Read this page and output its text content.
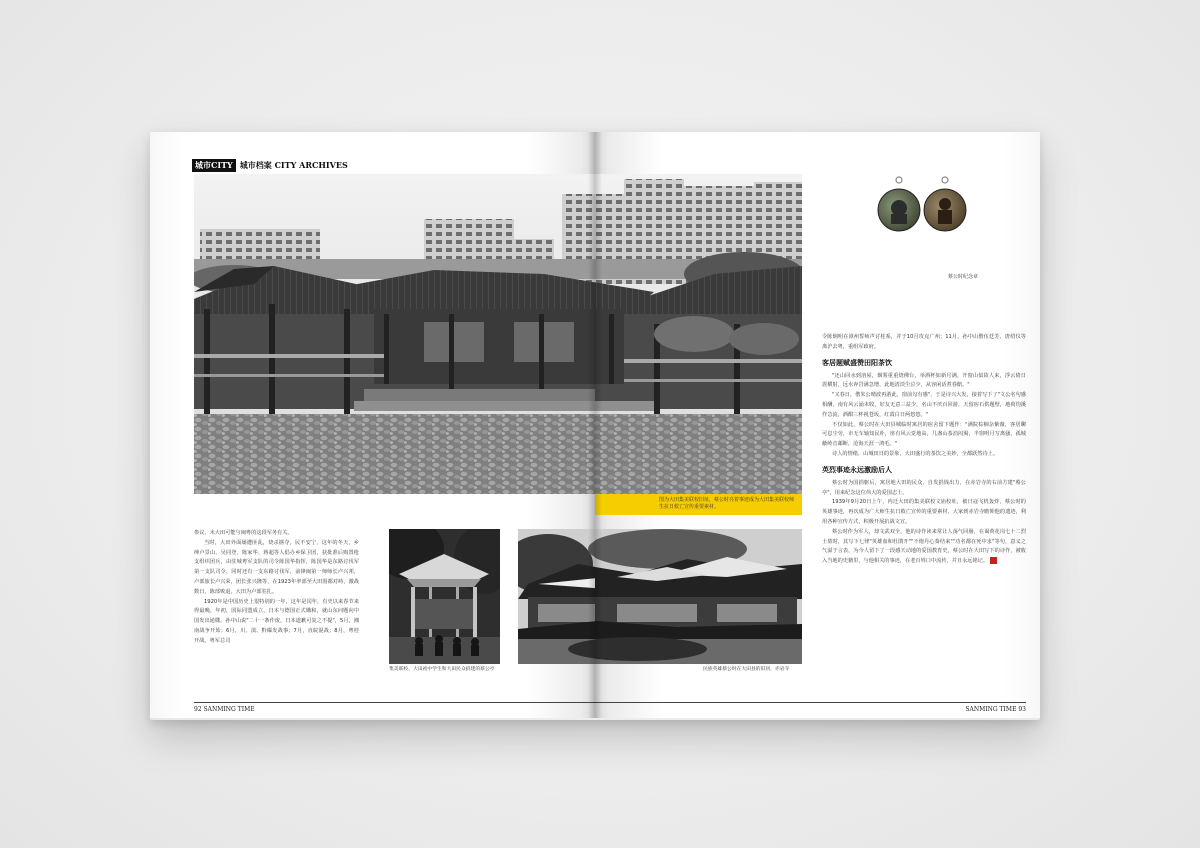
城市CITY 城市档案 CITY ARCHIVES

参议，未大田可能与闽粤的这段军务有关。

当时，大田外面屡遭匪乱，烧杀掳夺，民不安宁，这年的冬天，乡绅卢景山、吴同登、陈家华、蒋超等人倡办乡保卫团，获批准后购置枪支组织团兵，由驻城粤军支队的司令陈国华指挥，陈国华是东路讨伐军第一支队司令，同时还有一支东路讨伐军，前锋闽第一师师长卢兴邦，卢部旅长卢兴荣，团长张兴隆等，在1923年率部至大田围都对峙，激战数日，陈部败退，大田为卢部驻扎。

1920年是中国历史上很特别的一年，这年是闰年，有史以来春节来得最晚，年初，国际同盟成立，日本与德国正式媾和，就山东问题向中国发出通牒，孙中山说"二十一条作废，日本道歉可复之不提"，5月，湘南战争开始；6月，川、滇、黔爆发战事；7月，直皖混战；8月，粤桂开战，粤军总司

集美联校，大田初中学生和大田民众捐建的蔡公亭
92 SANMING TIME
图为大田集美联校旧址，蔡公时亮着事迹成为大田集美联校师生抗日救亡宣传重要素材。
民族英雄蔡公时在大田县的旧居，赤岩寺
蔡公时纪念章

令陈炯明在漳州誓师声讨桂系，并于10月攻克广州；11月，孙中山偕伍廷芳、唐绍仪等离沪去粤，重组军政府。

客居题赋盛赞田阳茶饮

"还山回水到溶屋，烟雾重重烧佛台，举酒杯如新月满，开窗山似故人来，浮云倚日震横射，远水奔岩满急增，此地清淡尘泣少，从容闲话煮春醅。"

"又春日，偕朱公晴波再游此，窗前勾有感"，于是诗兴大发，接着写下了"文公名句感相酬，南有风云涌未收，好友无意三益少，名山不厌百回游，天留宿石供题壁，地荷均溪作急流，酒酣三杯视苍坂，红霞白日两悠悠。"

不仅如此，蔡公时在大田县城临时寓居的宿舍留下题作："满院棕榈杂紫薇，客居聊可息尘劳，市无车轴知民朴，座有风云觉地高，几盏山茶消闷渴，半窗明月写离骚，孤城蔽岭音邮断，沧海天涯一鸿毛。"

诗人的情绪，山城田日的景象，大田盛行的茶饮之美妙，全都跃然诗上。

英烈事迹永远激励后人

蔡公时为国捐躯后，寓居地大田的民众，自发捐钱出力，在赤岩寺的右前方建"蔡公亭"，用来纪念这位伟大的爱国志士。

1939年9月20日上午，内迁大田的集美联校文庙校址，被日寇飞机轰炸，蔡公时的英雄事迹，再次成为广大师生抗日救亡宣传的重要素材，大家到赤岩寺瞻仰他的遗迹，利用各种宣传方式，积极开展抗战文宣。

蔡公时作为军人，却文武双全，他的诗作读来常让人荡气回肠，在谒黄花岗七十二烈士墓时，其写下七律"英雄血和杜鹃开""不炮丹心葵结来""功名都在死中求"等句，意义之气溢于言表，为今人留下了一段感天动地的爱国教育史，蔡公时在大田写下的诗作，被收入当地的史籍里，与他相关的事迹，在老百姓口中流传，并且永远铭记。	完

SANMING TIME 93
